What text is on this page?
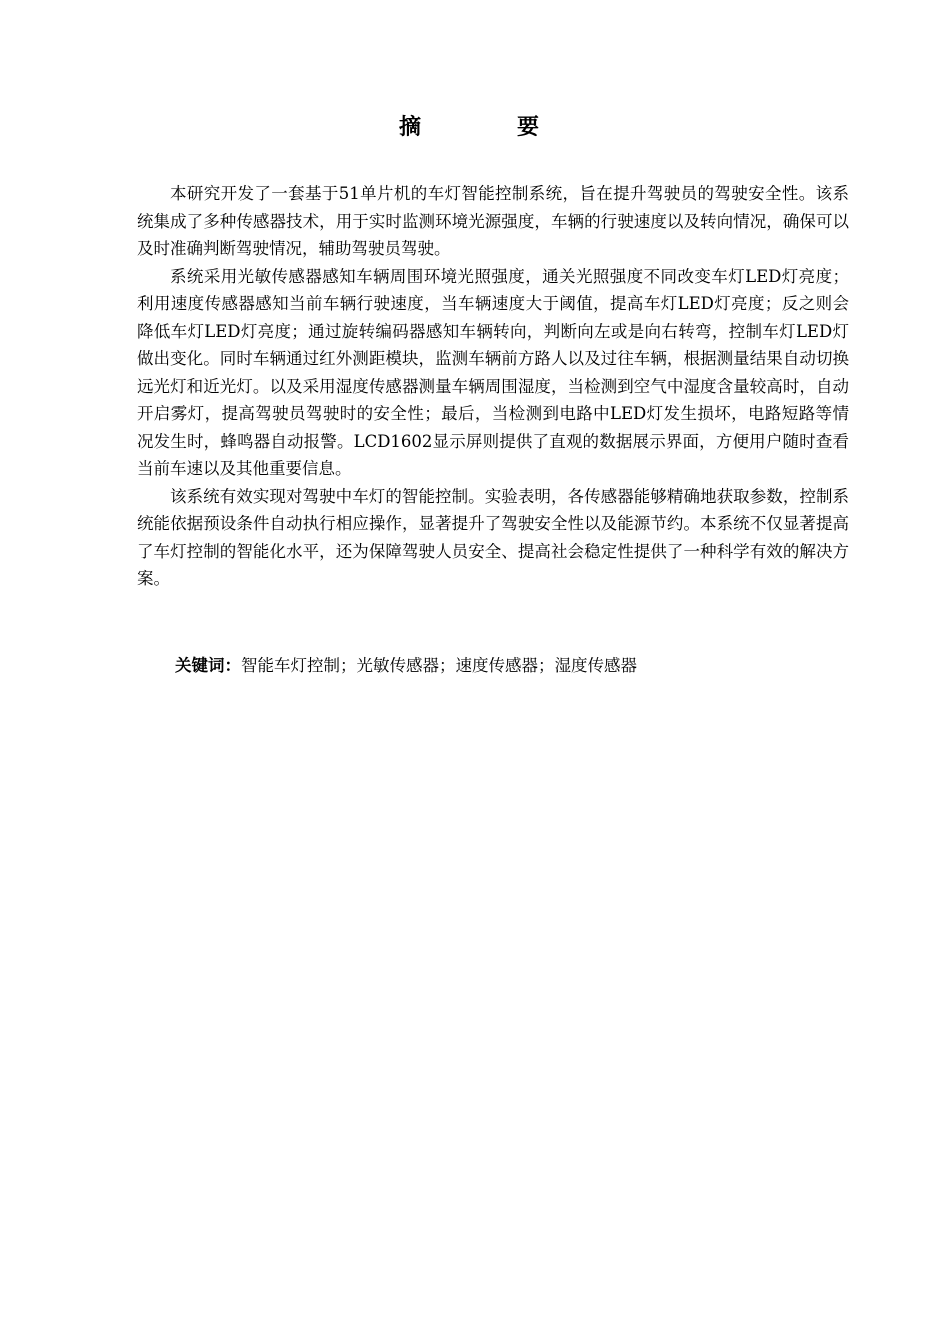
摘　要

本研究开发了一套基于51单片机的车灯智能控制系统，旨在提升驾驶员的驾驶安全性。该系统集成了多种传感器技术，用于实时监测环境光源强度，车辆的行驶速度以及转向情况，确保可以及时准确判断驾驶情况，辅助驾驶员驾驶。

系统采用光敏传感器感知车辆周围环境光照强度，通关光照强度不同改变车灯LED灯亮度；利用速度传感器感知当前车辆行驶速度，当车辆速度大于阈值，提高车灯LED灯亮度；反之则会降低车灯LED灯亮度；通过旋转编码器感知车辆转向，判断向左或是向右转弯，控制车灯LED灯做出变化。同时车辆通过红外测距模块，监测车辆前方路人以及过往车辆，根据测量结果自动切换远光灯和近光灯。以及采用湿度传感器测量车辆周围湿度，当检测到空气中湿度含量较高时，自动开启雾灯，提高驾驶员驾驶时的安全性；最后，当检测到电路中LED灯发生损坏，电路短路等情况发生时，蜂鸣器自动报警。LCD1602显示屏则提供了直观的数据展示界面，方便用户随时查看当前车速以及其他重要信息。

该系统有效实现对驾驶中车灯的智能控制。实验表明，各传感器能够精确地获取参数，控制系统能依据预设条件自动执行相应操作，显著提升了驾驶安全性以及能源节约。本系统不仅显著提高了车灯控制的智能化水平，还为保障驾驶人员安全、提高社会稳定性提供了一种科学有效的解决方案。

关键词：智能车灯控制；光敏传感器；速度传感器；湿度传感器
